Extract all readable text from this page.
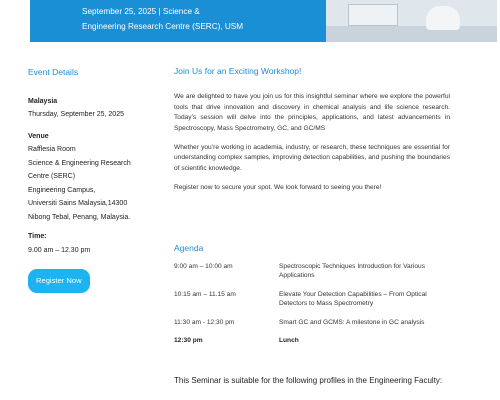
September 25, 2025 | Science &
Engineering Research Centre (SERC), USM
Event Details
Malaysia
Thursday, September 25, 2025
Venue
Rafflesia Room
Science & Engineering Research
Centre (SERC)
Engineering Campus,
Universiti Sains Malaysia,14300
Nibong Tebal, Penang, Malaysia.
Time:
9.00 am – 12.30 pm
Register Now
Join Us for an Exciting Workshop!

We are delighted to have you join us for this insightful seminar where we explore the powerful tools that drive innovation and discovery in chemical analysis and life science research. Today’s session will delve into the principles, applications, and latest advancements in Spectroscopy, Mass Spectrometry, GC, and GC/MS

Whether you’re working in academia, industry, or research, these techniques are essential for understanding complex samples, improving detection capabilities, and pushing the boundaries of scientific knowledge.

Register now to secure your spot. We look forward to seeing you there!

Agenda
9:00 am – 10:00 am	Spectroscopic Techniques Introduction for Various Applications
10:15 am – 11.15 am	Elevate Your Detection Capabilities – From Optical Detectors to Mass Spectrometry
11:30 am - 12:30 pm	Smart GC and GCMS: A milestone in GC analysis
12:30 pm	Lunch
This Seminar is suitable for the following profiles in the Engineering Faculty:
